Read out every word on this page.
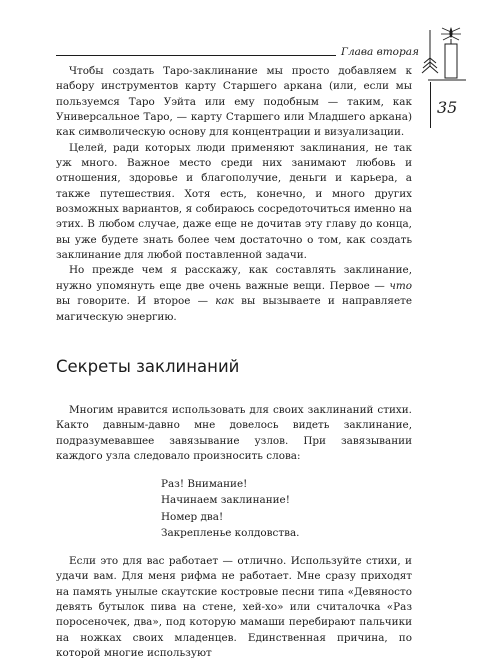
Глава вторая
35

Чтобы создать Таро-заклинание мы просто добавляем к набору инструментов карту Старшего аркана (или, если мы пользуемся Таро Уэйта или ему подобным — таким, как Универсальное Таро, — карту Старшего или Младшего аркана) как символическую основу для концентрации и визуализации.

Целей, ради которых люди применяют заклинания, не так уж много. Важное место среди них занимают любовь и отношения, здоровье и благополучие, деньги и карьера, а также путешествия. Хотя есть, конечно, и много других возможных вариантов, я собираюсь сосредоточиться именно на этих. В любом случае, даже еще не дочитав эту главу до конца, вы уже будете знать более чем достаточно о том, как создать заклинание для любой поставленной задачи.

Но прежде чем я расскажу, как составлять заклинание, нужно упомянуть еще две очень важные вещи. Первое — что вы говорите. И второе — как вы вызываете и направляете магическую энергию.

Секреты заклинаний

Многим нравится использовать для своих заклинаний стихи. Както давным-давно мне довелось видеть заклинание, подразумевавшее завязывание узлов. При завязывании каждого узла следовало произносить слова:

Раз! Внимание!
Начинаем заклинание!
Номер два!
Закрепленье колдовства.

Если это для вас работает — отлично. Используйте стихи, и удачи вам. Для меня рифма не работает. Мне сразу приходят на память унылые скаутские костровые песни типа «Девяносто девять бутылок пива на стене, хей-хо» или считалочка «Раз поросеночек, два», под которую мамаши перебирают пальчики на ножках своих младенцев. Единственная причина, по которой многие используют
